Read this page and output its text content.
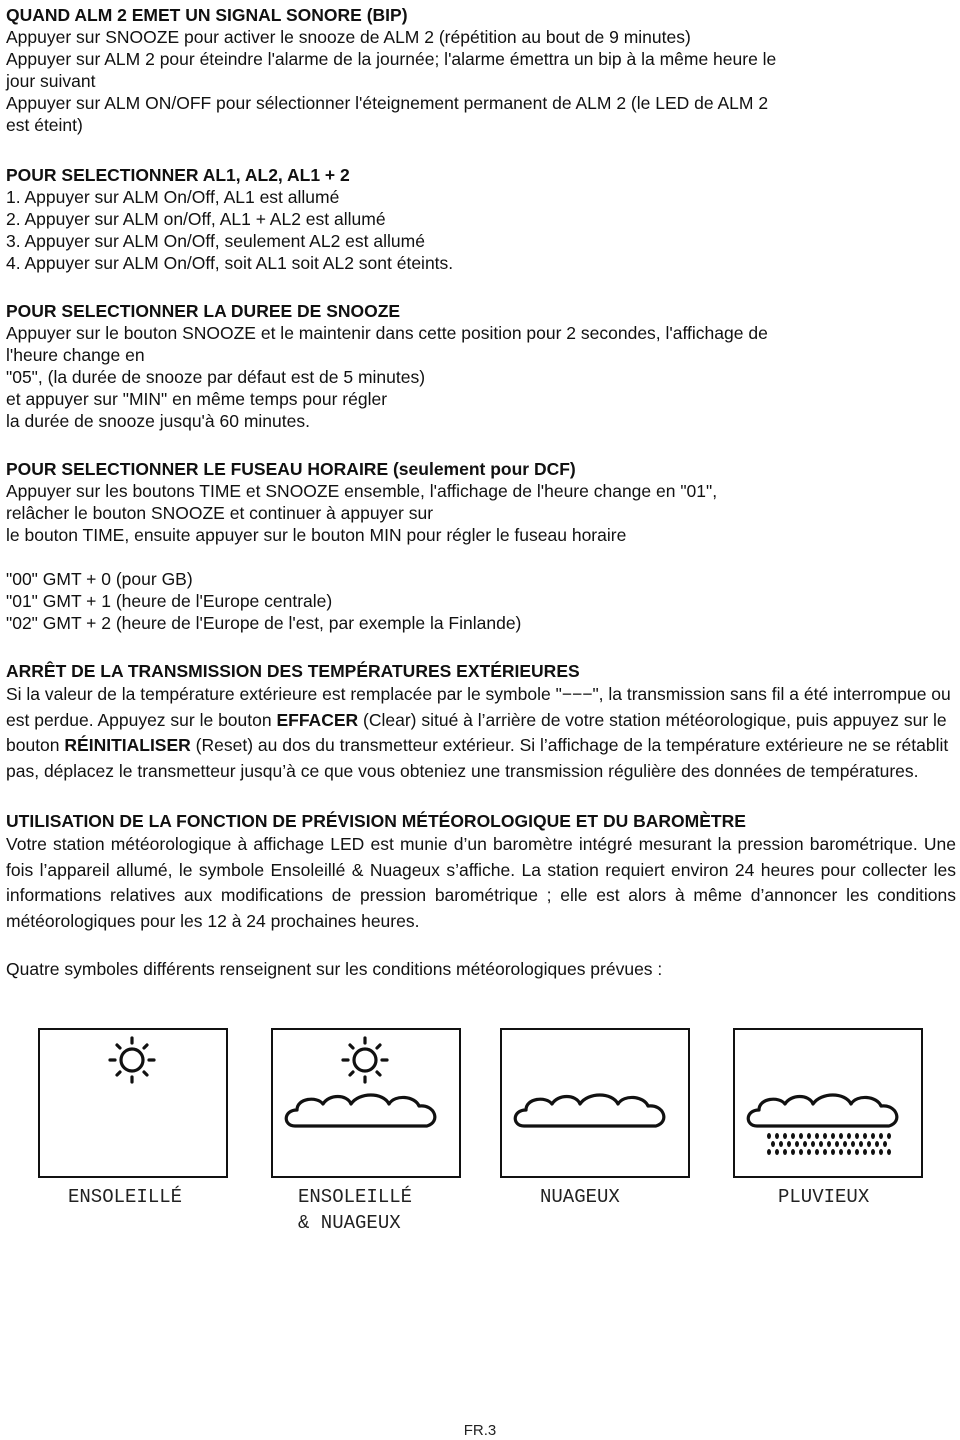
QUAND ALM 2 EMET UN SIGNAL SONORE (BIP)

Appuyer sur SNOOZE pour activer le snooze de ALM 2 (répétition au bout de 9 minutes)

Appuyer sur ALM 2 pour éteindre l'alarme de la journée; l'alarme émettra un bip à la même heure le

jour suivant

Appuyer sur ALM ON/OFF pour sélectionner l'éteignement permanent de ALM 2 (le LED de ALM 2

est éteint)

POUR SELECTIONNER AL1, AL2, AL1 + 2

1. Appuyer sur ALM On/Off, AL1 est allumé

2. Appuyer sur ALM on/Off, AL1 + AL2 est allumé

3. Appuyer sur ALM On/Off, seulement AL2 est allumé

4. Appuyer sur ALM On/Off, soit AL1 soit AL2 sont éteints.

POUR SELECTIONNER LA DUREE DE SNOOZE

Appuyer sur le bouton SNOOZE et le maintenir dans cette position pour 2 secondes, l'affichage de

l'heure change en

"05", (la durée de snooze par défaut est de 5 minutes)

et appuyer sur "MIN" en même temps pour régler

la durée de snooze jusqu'à 60 minutes.

POUR SELECTIONNER LE FUSEAU HORAIRE (seulement pour DCF)

Appuyer sur les boutons TIME et SNOOZE ensemble, l'affichage de l'heure change en "01",

relâcher le bouton SNOOZE et continuer à appuyer sur

le bouton TIME, ensuite appuyer sur le bouton MIN pour régler le fuseau horaire

"00" GMT + 0 (pour GB)

"01" GMT + 1 (heure de l'Europe centrale)

"02" GMT + 2 (heure de l'Europe de l'est, par exemple la Finlande)

ARRÊT DE LA TRANSMISSION DES TEMPÉRATURES EXTÉRIEURES

Si la valeur de la température extérieure est remplacée par le symbole "−−−", la transmission sans fil a été interrompue ou est perdue. Appuyez sur le bouton EFFACER (Clear) situé à l’arrière de votre station météorologique, puis appuyez sur le bouton RÉINITIALISER (Reset) au dos du transmetteur extérieur. Si l’affichage de la température extérieure ne se rétablit pas, déplacez le transmetteur jusqu’à ce que vous obteniez une transmission régulière des données de températures.

UTILISATION DE LA FONCTION DE PRÉVISION MÉTÉOROLOGIQUE ET DU BAROMÈTRE

Votre station météorologique à affichage LED est munie d’un baromètre intégré mesurant la pression barométrique. Une fois l’appareil allumé, le symbole Ensoleillé & Nuageux s’affiche. La station requiert environ 24 heures pour collecter les informations relatives aux modifications de pression barométrique ; elle est alors à même d’annoncer les conditions météorologiques pour les 12 à 24 prochaines heures.

Quatre symboles différents renseignent sur les conditions météorologiques prévues :

ENSOLEILLÉ	ENSOLEILLÉ
& NUAGEUX
NUAGEUX	PLUVIEUX
FR.3
